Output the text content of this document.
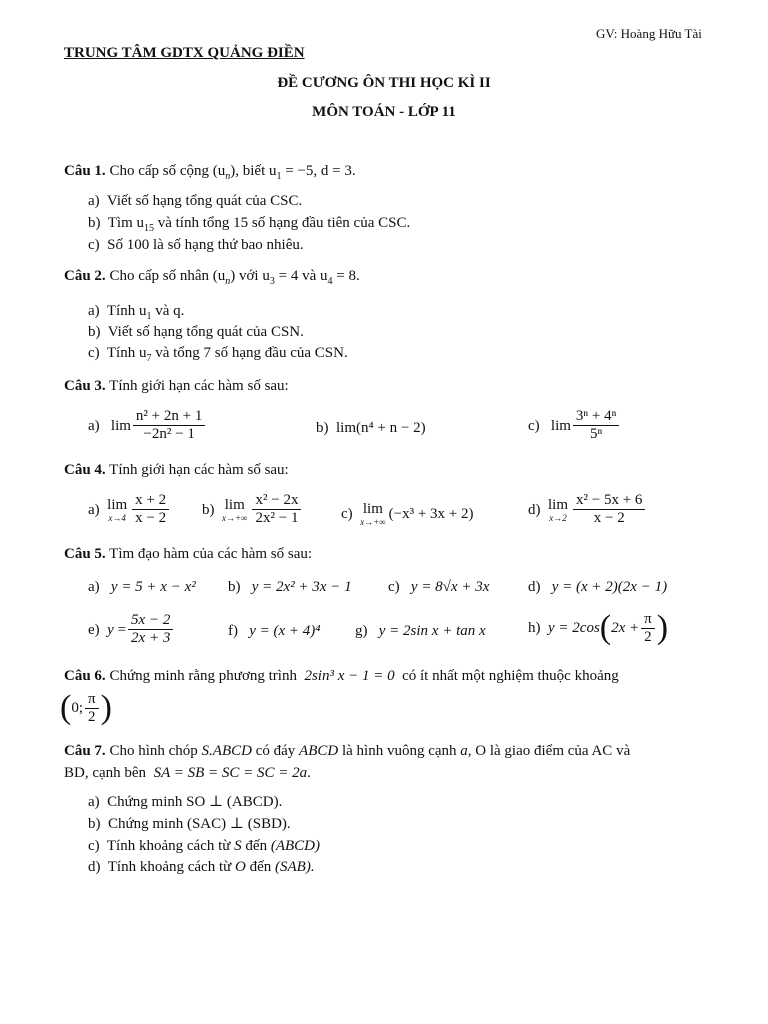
GV: Hoàng Hữu Tài
TRUNG TÂM GDTX QUẢNG ĐIỀN
ĐỀ CƯƠNG ÔN THI HỌC KÌ II
MÔN TOÁN - LỚP 11
Câu 1. Cho cấp số cộng $(u_n)$, biết $u_1 = -5$, d = 3.
a) Viết số hạng tổng quát của CSC.
b) Tìm $u_{15}$ và tính tổng 15 số hạng đầu tiên của CSC.
c) Số 100 là số hạng thứ bao nhiêu.
Câu 2. Cho cấp số nhân $(u_n)$ với $u_3 = 4$ và $u_4 = 8$.
a) Tính $u_1$ và q.
b) Viết số hạng tổng quát của CSN.
c) Tính $u_7$ và tổng 7 số hạng đầu của CSN.
Câu 3. Tính giới hạn các hàm số sau:
a) $\lim \frac{\text{n² + 2n + 1}}{\text{−2n² − 1}}$	b) lim(n⁴ + n − 2)	c) $\lim \frac{\text{3ⁿ + 4ⁿ}}{\text{5ⁿ}}$
Câu 4. Tính giới hạn các hàm số sau:
a)
lim
$x\to 4 \frac{x + 2}{x - 2} b$)
lim
$x\to+\infty \frac{\text{x² − 2x}}{\text{2x² − 1}}$	c)
lim
x→+∞
(−x³ + 3x + 2)	d)
lim
$x\to 2 \frac{\text{x² − 5x + 6}}{x - 2}$
Câu 5. Tìm đạo hàm của các hàm số sau:
a) y = 5 + x − x² b) y = 2x² + 3x − 1 c) y = 8√x + 3x	d) y = (x + 2)(2x − 1)
e)
$y = \frac{5x - 2}{2x + 3}$	f) y = (x + 4)⁴ g) y = 2sin x + tan x	h)
y = 2cos ( $2x + \frac{\pi}{2}$ )
Câu 6. Chứng minh rằng phương trình 2sin³ x − 1 = 0 có ít nhất một nghiệm thuộc khoảng
( 0; $\frac{\pi}{2}$ )
Câu 7. Cho hình chóp S.ABCD có đáy ABCD là hình vuông cạnh a, O là giao điểm của AC và
BD, cạnh bên SA = SB = SC = SC = 2a.
a) Chứng minh SO ⊥ (ABCD).
b) Chứng minh (SAC) ⊥ (SBD).
c) Tính khoảng cách từ S đến (ABCD)
d) Tính khoảng cách từ O đến (SAB).
